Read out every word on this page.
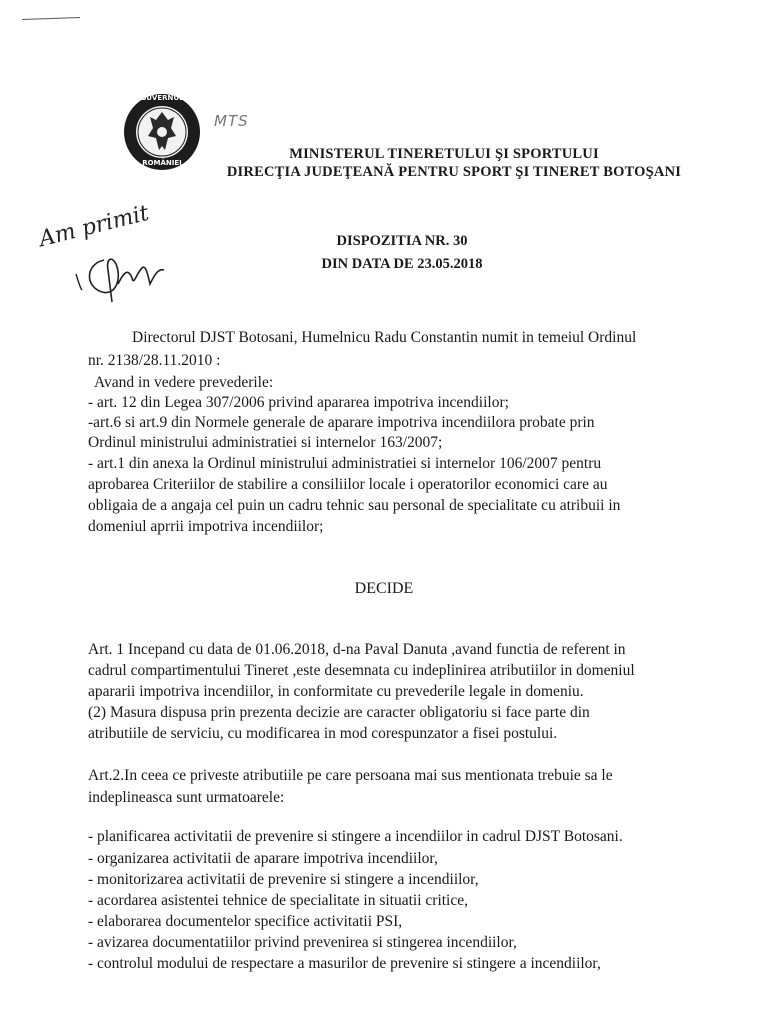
GUVERNUL
ROMÂNIEI
MTS
MINISTERUL TINERETULUI ŞI SPORTULUI
DIRECŢIA JUDEŢEANĂ PENTRU SPORT ŞI TINERET BOTOŞANI
Am primit	DISPOZITIA NR. 30
DIN DATA DE 23.05.2018
Directorul DJST Botosani, Humelnicu Radu Constantin numit in temeiul Ordinul
nr. 2138/28.11.2010 :
Avand in vedere prevederile:
- art. 12 din Legea 307/2006 privind apararea impotriva incendiilor;
-art.6 si art.9 din Normele generale de aparare impotriva incendiilora probate prin
Ordinul ministrului administratiei si internelor 163/2007;
- art.1 din anexa la Ordinul ministrului administratiei si internelor 106/2007 pentru
aprobarea Criteriilor de stabilire a consiliilor locale i operatorilor economici care au
obligaia de a angaja cel puin un cadru tehnic sau personal de specialitate cu atribuii in
domeniul aprrii impotriva incendiilor;
DECIDE
Art. 1 Incepand cu data de 01.06.2018, d-na Paval Danuta ,avand functia de referent in
cadrul compartimentului Tineret ,este desemnata cu indeplinirea atributiilor in domeniul
apararii impotriva incendiilor, in conformitate cu prevederile legale in domeniu.
(2) Masura dispusa prin prezenta decizie are caracter obligatoriu si face parte din
atributiile de serviciu, cu modificarea in mod corespunzator a fisei postului.
Art.2.In ceea ce priveste atributiile pe care persoana mai sus mentionata trebuie sa le
indeplineasca sunt urmatoarele:
- planificarea activitatii de prevenire si stingere a incendiilor in cadrul DJST Botosani.
- organizarea activitatii de aparare impotriva incendiilor,
- monitorizarea activitatii de prevenire si stingere a incendiilor,
- acordarea asistentei tehnice de specialitate in situatii critice,
- elaborarea documentelor specifice activitatii PSI,
- avizarea documentatiilor privind prevenirea si stingerea incendiilor,
- controlul modului de respectare a masurilor de prevenire si stingere a incendiilor,
